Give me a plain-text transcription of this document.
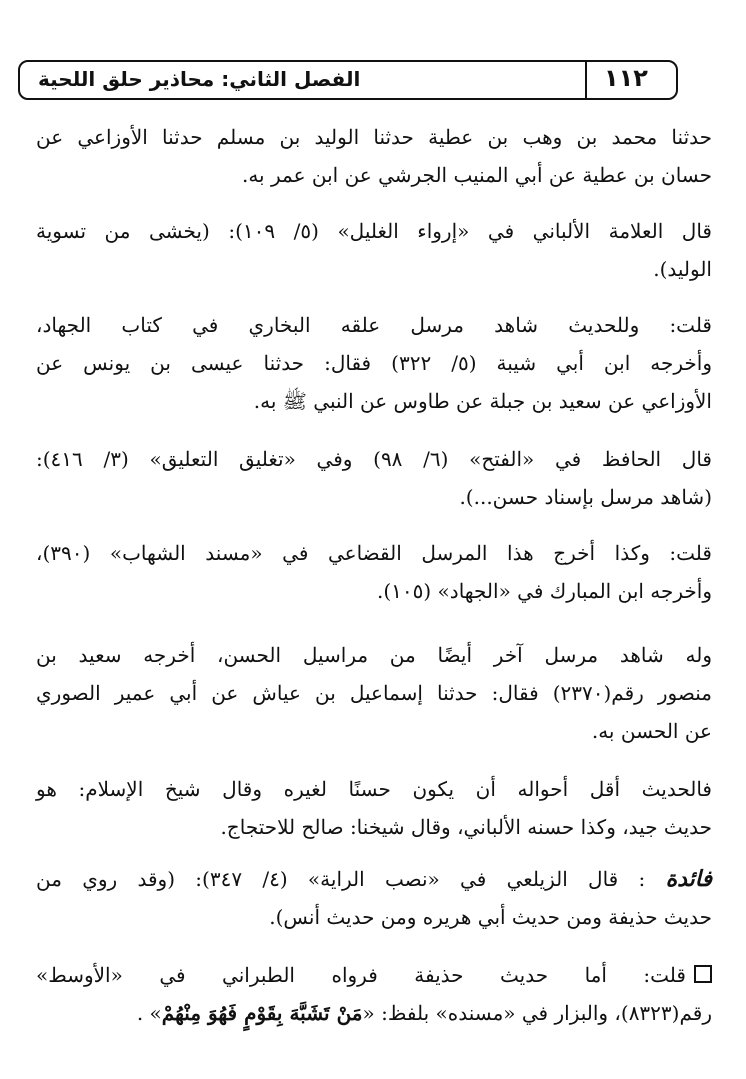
الفصل الثاني: محاذير حلق اللحية	١١٢
حدثنا محمد بن وهب بن عطية حدثنا الوليد بن مسلم حدثنا الأوزاعي عن
حسان بن عطية عن أبي المنيب الجرشي عن ابن عمر به.
قال العلامة الألباني في «إرواء الغليل» (٥/ ١٠٩): (يخشى من تسوية
الوليد).
قلت: وللحديث شاهد مرسل علقه البخاري في كتاب الجهاد،
وأخرجه ابن أبي شيبة (٥/ ٣٢٢) فقال: حدثنا عيسى بن يونس عن
الأوزاعي عن سعيد بن جبلة عن طاوس عن النبي ﷺ به.
قال الحافظ في «الفتح» (٦/ ٩٨) وفي «تغليق التعليق» (٣/ ٤١٦):
(شاهد مرسل بإسناد حسن...).
قلت: وكذا أخرج هذا المرسل القضاعي في «مسند الشهاب» (٣٩٠)،
وأخرجه ابن المبارك في «الجهاد» (١٠٥).
وله شاهد مرسل آخر أيضًا من مراسيل الحسن، أخرجه سعيد بن
منصور رقم(٢٣٧٠) فقال: حدثنا إسماعيل بن عياش عن أبي عمير الصوري
عن الحسن به.
فالحديث أقل أحواله أن يكون حسنًا لغيره وقال شيخ الإسلام: هو
حديث جيد، وكذا حسنه الألباني، وقال شيخنا: صالح للاحتجاج.
فائدة : قال الزيلعي في «نصب الراية» (٤/ ٣٤٧): (وقد روي من
حديث حذيفة ومن حديث أبي هريره ومن حديث أنس).
قلت: أما حديث حذيفة فرواه الطبراني في «الأوسط»
رقم(٨٣٢٣)، والبزار في «مسنده» بلفظ: «مَنْ تَشَبَّهَ بِقَوْمٍ فَهُوَ مِنْهُمْ» .
